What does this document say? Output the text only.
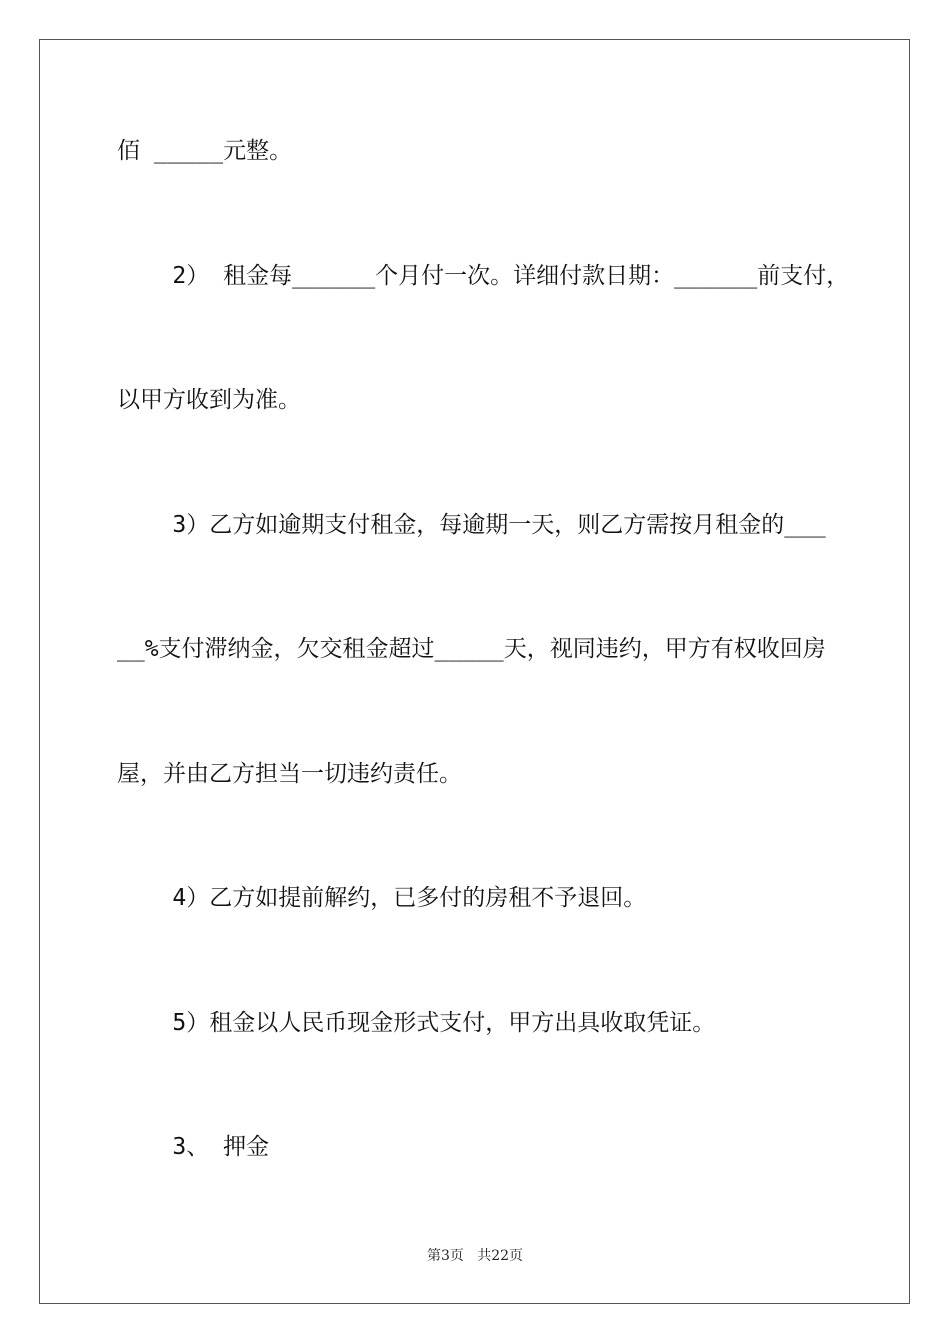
佰 _____元整。
2） 租金每______个月付一次。详细付款日期：______前支付，
以甲方收到为准。
3）乙方如逾期支付租金，每逾期一天，则乙方需按月租金的___
__%支付滞纳金，欠交租金超过_____天，视同违约，甲方有权收回房
屋，并由乙方担当一切违约责任。
4）乙方如提前解约，已多付的房租不予退回。
5）租金以人民币现金形式支付，甲方出具收取凭证。
3、 押金
第3页   共22页
